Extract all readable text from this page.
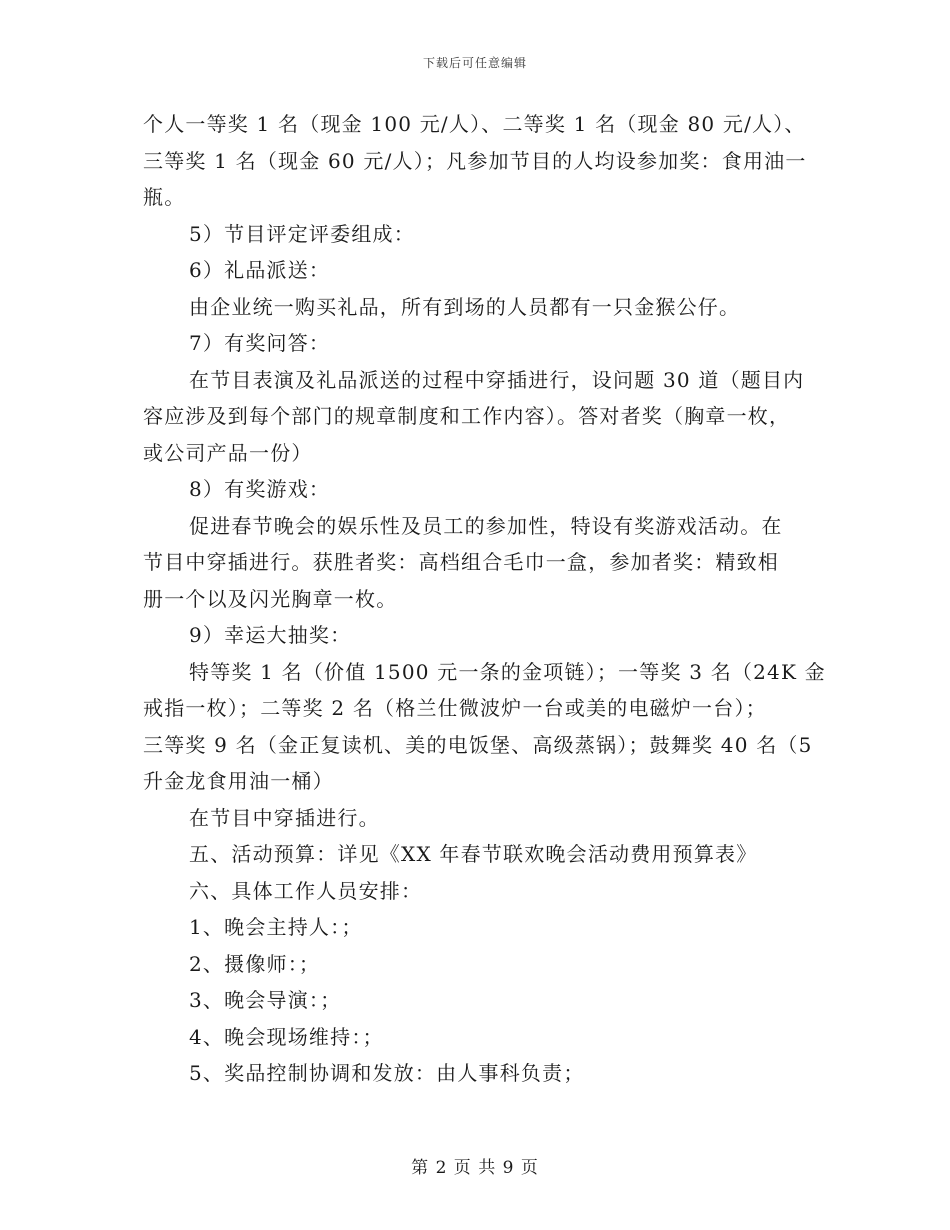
下载后可任意编辑
个人一等奖 1 名（现金 100 元/人）、二等奖 1 名（现金 80 元/人）、
三等奖 1 名（现金 60 元/人）；凡参加节目的人均设参加奖：食用油一
瓶。
5）节目评定评委组成：
6）礼品派送：
由企业统一购买礼品，所有到场的人员都有一只金猴公仔。
7）有奖问答：
在节目表演及礼品派送的过程中穿插进行，设问题 30 道（题目内
容应涉及到每个部门的规章制度和工作内容）。答对者奖（胸章一枚，
或公司产品一份）
8）有奖游戏：
促进春节晚会的娱乐性及员工的参加性，特设有奖游戏活动。在
节目中穿插进行。获胜者奖：高档组合毛巾一盒，参加者奖：精致相
册一个以及闪光胸章一枚。
9）幸运大抽奖：
特等奖 1 名（价值 1500 元一条的金项链）；一等奖 3 名（24K 金
戒指一枚）；二等奖 2 名（格兰仕微波炉一台或美的电磁炉一台）；
三等奖 9 名（金正复读机、美的电饭堡、高级蒸锅）；鼓舞奖 40 名（5
升金龙食用油一桶）
在节目中穿插进行。
五、活动预算：详见《XX 年春节联欢晚会活动费用预算表》
六、具体工作人员安排：
1、晚会主持人：；
2、摄像师：；
3、晚会导演：；
4、晚会现场维持：；
5、奖品控制协调和发放：由人事科负责；
第 2 页 共 9 页
